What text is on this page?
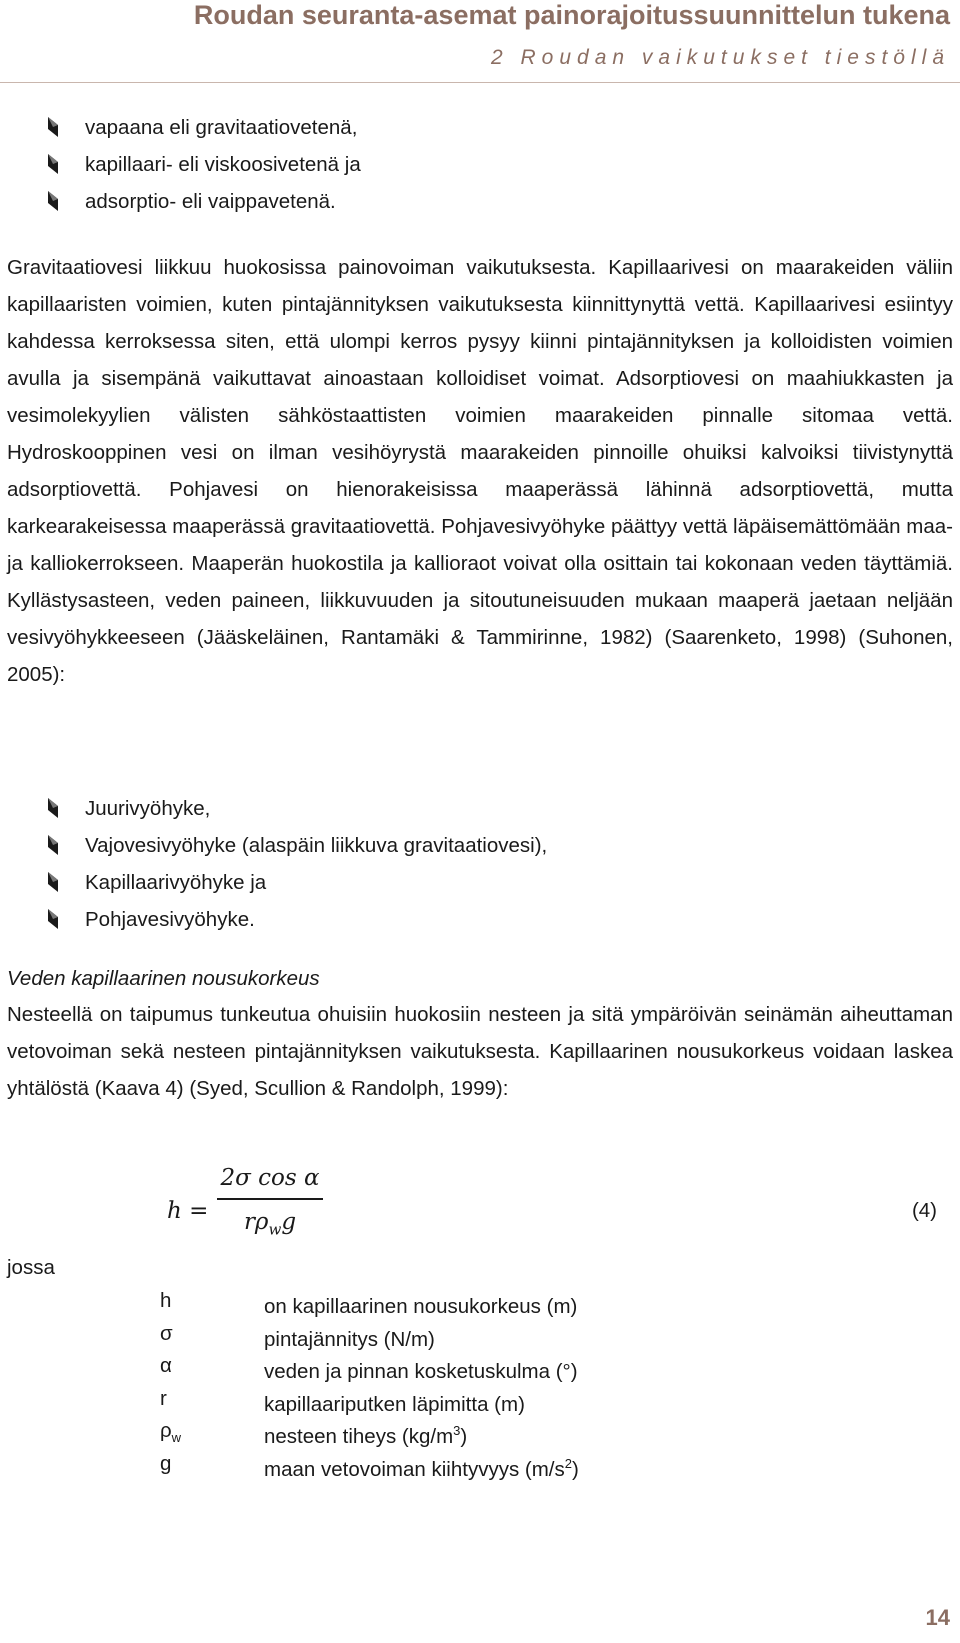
Roudan seuranta-asemat painorajoitussuunnittelun tukena
2 Roudan vaikutukset tiestöllä
vapaana eli gravitaatiovetenä,
kapillaari- eli viskoosivetenä ja
adsorptio- eli vaippavetenä.

Gravitaatiovesi liikkuu huokosissa painovoiman vaikutuksesta. Kapillaarivesi on maarakeiden väliin kapillaaristen voimien, kuten pintajännityksen vaikutuksesta kiinnittynyttä vettä. Kapillaarivesi esiintyy kahdessa kerroksessa siten, että ulompi kerros pysyy kiinni pintajännityksen ja kolloidisten voimien avulla ja sisempänä vaikuttavat ainoastaan kolloidiset voimat. Adsorptiovesi on maahiukkasten ja vesimolekyylien välisten sähköstaattisten voimien maarakeiden pinnalle sitomaa vettä. Hydroskooppinen vesi on ilman vesihöyrystä maarakeiden pinnoille ohuiksi kalvoiksi tiivistynyttä adsorptiovettä. Pohjavesi on hienorakeisissa maaperässä lähinnä adsorptiovettä, mutta karkearakeisessa maaperässä gravitaatiovettä. Pohjavesivyöhyke päättyy vettä läpäisemättömään maa- ja kalliokerrokseen. Maaperän huokostila ja kallioraot voivat olla osittain tai kokonaan veden täyttämiä. Kyllästysasteen, veden paineen, liikkuvuuden ja sitoutuneisuuden mukaan maaperä jaetaan neljään vesivyöhykkeeseen (Jääskeläinen, Rantamäki & Tammirinne, 1982) (Saarenketo, 1998) (Suhonen, 2005):

Juurivyöhyke,
Vajovesivyöhyke (alaspäin liikkuva gravitaatiovesi),
Kapillaarivyöhyke ja
Pohjavesivyöhyke.
Veden kapillaarinen nousukorkeus

Nesteellä on taipumus tunkeutua ohuisiin huokosiin nesteen ja sitä ympäröivän seinämän aiheuttaman vetovoiman sekä nesteen pintajännityksen vaikutuksesta. Kapillaarinen nousukorkeus voidaan laskea yhtälöstä (Kaava 4) (Syed, Scullion & Randolph, 1999):

h =
2σ cos α
$r\rho_wg$	(4)
jossa
h	on kapillaarinen nousukorkeus (m)
σ	pintajännitys (N/m)
α	veden ja pinnan kosketuskulma (°)
r	kapillaariputken läpimitta (m)
$\rho_w$	nesteen tiheys $(kg/m^3)$
g	maan vetovoiman kiihtyvyys $(m/s^2)$
14
